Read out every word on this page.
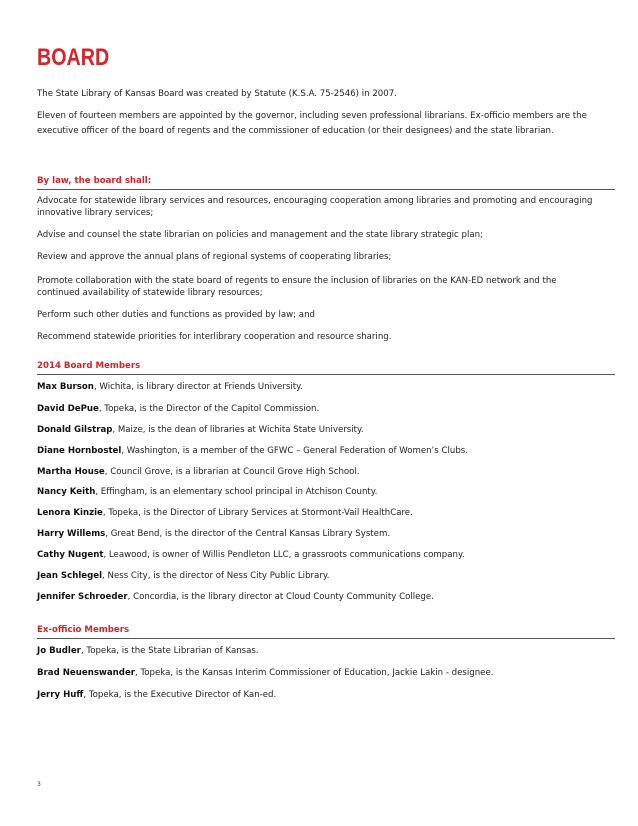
BOARD

The State Library of Kansas Board was created by Statute (K.S.A. 75-2546) in 2007.

Eleven of fourteen members are appointed by the governor, including seven professional librarians. Ex-officio members are the executive officer of the board of regents and the commissioner of education (or their designees) and the state librarian.

By law, the board shall:

Advocate for statewide library services and resources, encouraging cooperation among libraries and promoting and encouraging innovative library services;

Advise and counsel the state librarian on policies and management and the state library strategic plan;

Review and approve the annual plans of regional systems of cooperating libraries;

Promote collaboration with the state board of regents to ensure the inclusion of libraries on the KAN-ED network and the continued availability of statewide library resources;

Perform such other duties and functions as provided by law; and

Recommend statewide priorities for interlibrary cooperation and resource sharing.

2014 Board Members

Max Burson, Wichita, is library director at Friends University.

David DePue, Topeka, is the Director of the Capitol Commission.

Donald Gilstrap, Maize, is the dean of libraries at Wichita State University.

Diane Hornbostel, Washington, is a member of the GFWC – General Federation of Women’s Clubs.

Martha House, Council Grove, is a librarian at Council Grove High School.

Nancy Keith, Effingham, is an elementary school principal in Atchison County.

Lenora Kinzie, Topeka, is the Director of Library Services at Stormont-Vail HealthCare.

Harry Willems, Great Bend, is the director of the Central Kansas Library System.

Cathy Nugent, Leawood, is owner of Willis Pendleton LLC, a grassroots communications company.

Jean Schlegel, Ness City, is the director of Ness City Public Library.

Jennifer Schroeder, Concordia, is the library director at Cloud County Community College.

Ex-officio Members

Jo Budler, Topeka, is the State Librarian of Kansas.

Brad Neuenswander, Topeka, is the Kansas Interim Commissioner of Education, Jackie Lakin - designee.

Jerry Huff, Topeka, is the Executive Director of Kan-ed.

3
